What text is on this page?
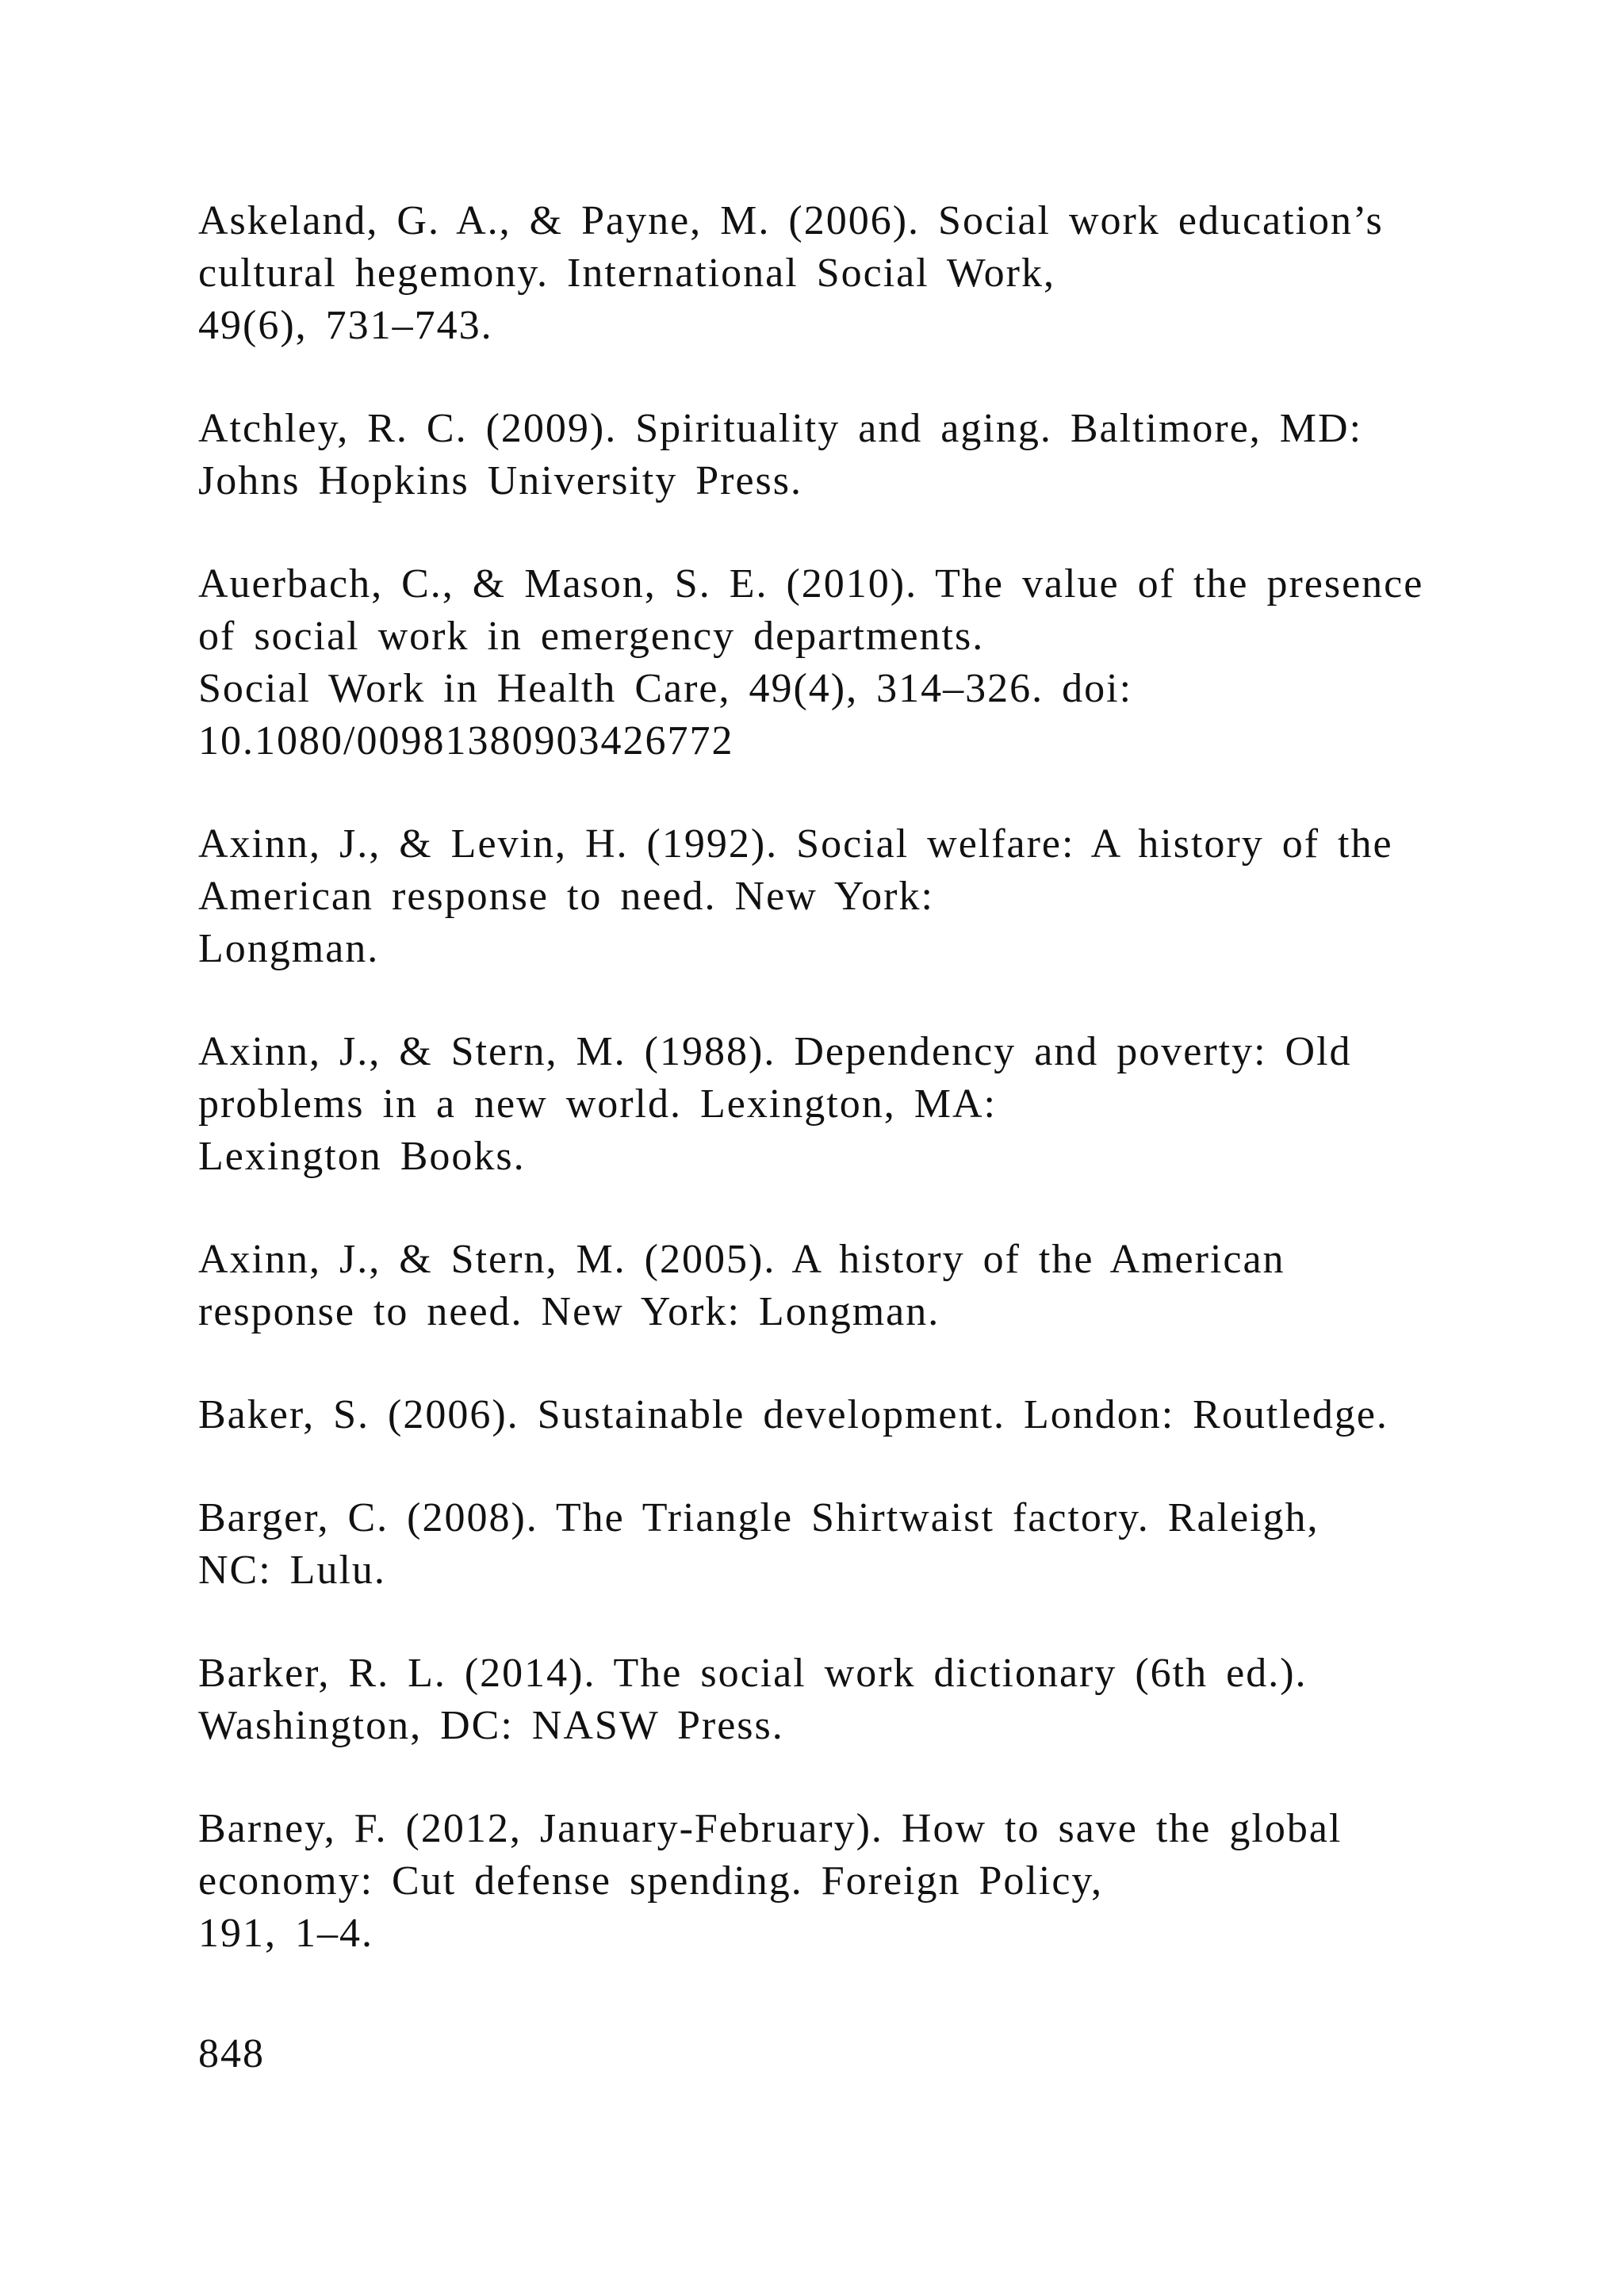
Askeland, G. A., & Payne, M. (2006). Social work education’s
cultural hegemony. International Social Work,
49(6), 731–743.
Atchley, R. C. (2009). Spirituality and aging. Baltimore, MD:
Johns Hopkins University Press.
Auerbach, C., & Mason, S. E. (2010). The value of the presence
of social work in emergency departments.
Social Work in Health Care, 49(4), 314–326. doi:
10.1080/00981380903426772
Axinn, J., & Levin, H. (1992). Social welfare: A history of the
American response to need. New York:
Longman.
Axinn, J., & Stern, M. (1988). Dependency and poverty: Old
problems in a new world. Lexington, MA:
Lexington Books.
Axinn, J., & Stern, M. (2005). A history of the American
response to need. New York: Longman.
Baker, S. (2006). Sustainable development. London: Routledge.
Barger, C. (2008). The Triangle Shirtwaist factory. Raleigh,
NC: Lulu.
Barker, R. L. (2014). The social work dictionary (6th ed.).
Washington, DC: NASW Press.
Barney, F. (2012, January-February). How to save the global
economy: Cut defense spending. Foreign Policy,
191, 1–4.
848
